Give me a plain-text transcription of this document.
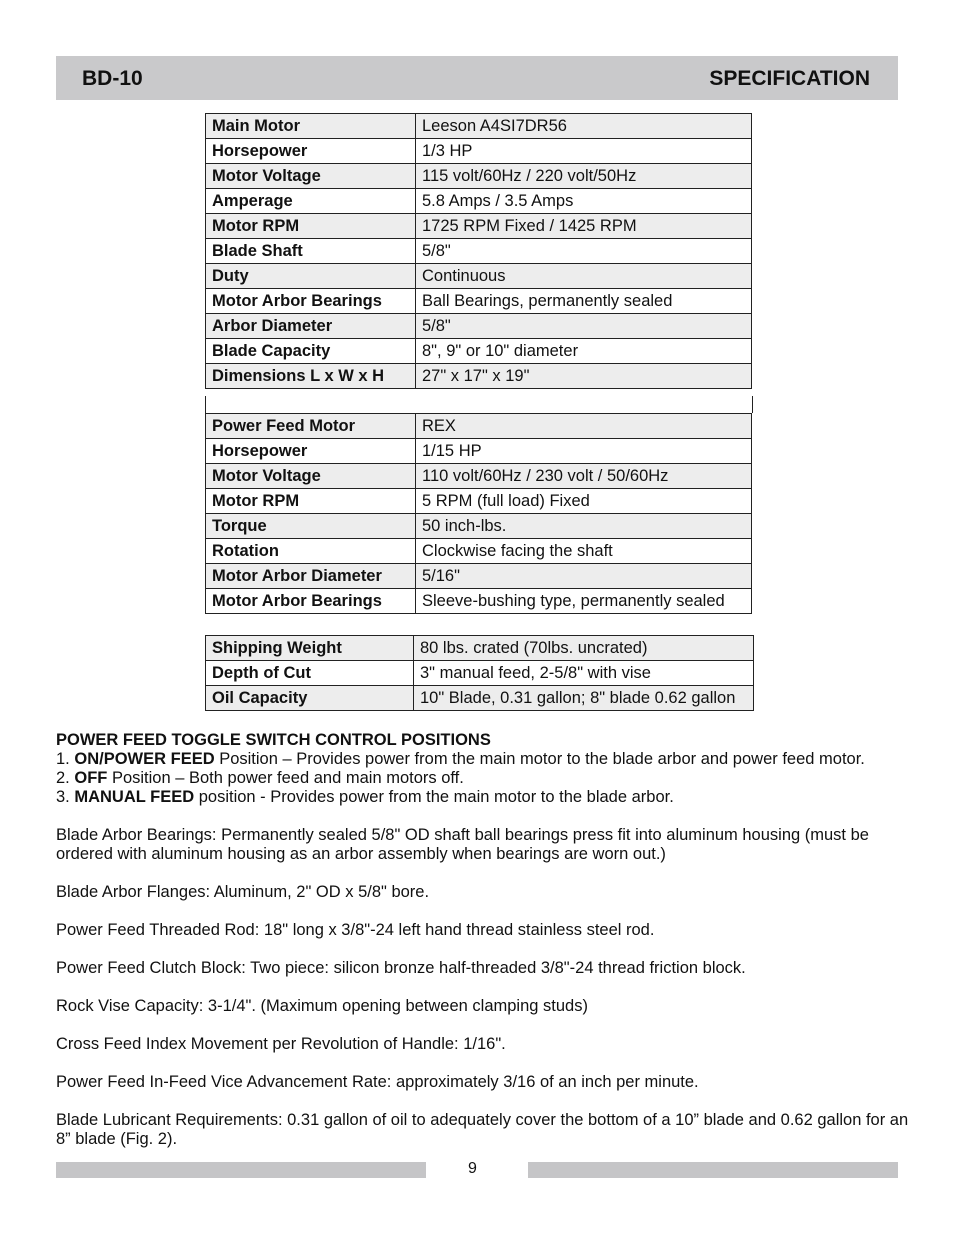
BD-10	SPECIFICATION
Main Motor	Leeson A4SI7DR56
Horsepower	1/3 HP
Motor Voltage	115 volt/60Hz / 220 volt/50Hz
Amperage	5.8 Amps / 3.5 Amps
Motor RPM	1725 RPM Fixed / 1425 RPM
Blade Shaft	5/8"
Duty	Continuous
Motor Arbor Bearings	Ball Bearings, permanently sealed
Arbor Diameter	5/8"
Blade Capacity	8", 9" or 10" diameter
Dimensions L x W x H	27" x 17" x 19"
Power Feed Motor	REX
Horsepower	1/15 HP
Motor Voltage	110 volt/60Hz / 230 volt / 50/60Hz
Motor RPM	5 RPM (full load) Fixed
Torque	50 inch-lbs.
Rotation	Clockwise facing the shaft
Motor Arbor Diameter	5/16"
Motor Arbor Bearings	Sleeve-bushing type, permanently sealed
Shipping Weight	80 lbs. crated (70lbs. uncrated)
Depth of Cut	3" manual feed, 2-5/8" with vise
Oil Capacity	10" Blade, 0.31 gallon; 8" blade 0.62 gallon

POWER FEED TOGGLE SWITCH CONTROL POSITIONS

1. ON/POWER FEED Position – Provides power from the main motor to the blade arbor and power feed motor.

2. OFF Position – Both power feed and main motors off.

3. MANUAL FEED position - Provides power from the main motor to the blade arbor.

Blade Arbor Bearings: Permanently sealed 5/8" OD shaft ball bearings press fit into aluminum housing (must be ordered with aluminum housing as an arbor assembly when bearings are worn out.)

Blade Arbor Flanges: Aluminum, 2" OD x 5/8" bore.

Power Feed Threaded Rod: 18" long x 3/8"-24 left hand thread stainless steel rod.

Power Feed Clutch Block: Two piece: silicon bronze half-threaded 3/8"-24 thread friction block.

Rock Vise Capacity: 3-1/4". (Maximum opening between clamping studs)

Cross Feed Index Movement per Revolution of Handle: 1/16".

Power Feed In-Feed Vice Advancement Rate: approximately 3/16 of an inch per minute.

Blade Lubricant Requirements: 0.31 gallon of oil to adequately cover the bottom of a 10” blade and 0.62 gallon for an 8” blade (Fig. 2).

9
